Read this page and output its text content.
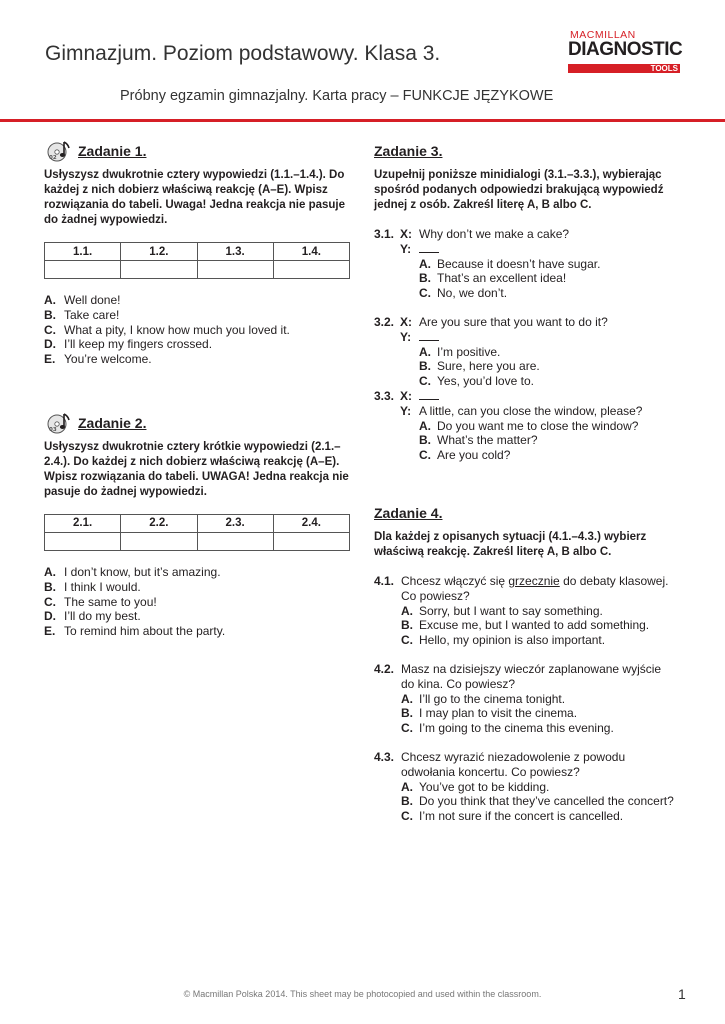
Gimnazjum. Poziom podstawowy. Klasa 3.
MACMILLAN
DIAGNOSTIC
TOOLS
Próbny egzamin gimnazjalny. Karta pracy – FUNKCJE JĘZYKOWE
02 Zadanie 1.

Usłyszysz dwukrotnie cztery wypowiedzi (1.1.–1.4.). Do każdej z nich dobierz właściwą reakcję (A–E). Wpisz rozwiązania do tabeli. Uwaga! Jedna reakcja nie pasuje do żadnej wypowiedzi.

1.1.	1.2.	1.3.	1.4.

A. Well done!
B. Take care!
C. What a pity, I know how much you loved it.
D. I’ll keep my fingers crossed.
E. You’re welcome.
03 Zadanie 2.

Usłyszysz dwukrotnie cztery krótkie wypowiedzi (2.1.–2.4.). Do każdej z nich dobierz właściwą reakcję (A–E). Wpisz rozwiązania do tabeli. UWAGA! Jedna reakcja nie pasuje do żadnej wypowiedzi.

2.1.	2.2.	2.3.	2.4.

A. I don’t know, but it’s amazing.
B. I think I would.
C. The same to you!
D. I’ll do my best.
E. To remind him about the party.
Zadanie 3.

Uzupełnij poniższe minidialogi (3.1.–3.3.), wybierając spośród podanych odpowiedzi brakującą wypowiedź jednej z osób. Zakreśl literę A, B albo C.

3.1. X: Why don’t we make a cake?
Y:
A. Because it doesn’t have sugar.
B. That’s an excellent idea!
C. No, we don’t.
3.2. X: Are you sure that you want to do it?
Y:
A. I’m positive.
B. Sure, here you are.
C. Yes, you’d love to.
3.3. X:
Y: A little, can you close the window, please?
A. Do you want me to close the window?
B. What’s the matter?
C. Are you cold?
Zadanie 4.

Dla każdej z opisanych sytuacji (4.1.–4.3.) wybierz właściwą reakcję. Zakreśl literę A, B albo C.

4.1. Chcesz włączyć się grzecznie do debaty klasowej.
Co powiesz?
A. Sorry, but I want to say something.
B. Excuse me, but I wanted to add something.
C. Hello, my opinion is also important.
4.2. Masz na dzisiejszy wieczór zaplanowane wyjście
do kina. Co powiesz?
A. I’ll go to the cinema tonight.
B. I may plan to visit the cinema.
C. I’m going to the cinema this evening.
4.3. Chcesz wyrazić niezadowolenie z powodu
odwołania koncertu. Co powiesz?
A. You’ve got to be kidding.
B. Do you think that they’ve cancelled the concert?
C. I’m not sure if the concert is cancelled.
© Macmillan Polska 2014. This sheet may be photocopied and used within the classroom.	1
